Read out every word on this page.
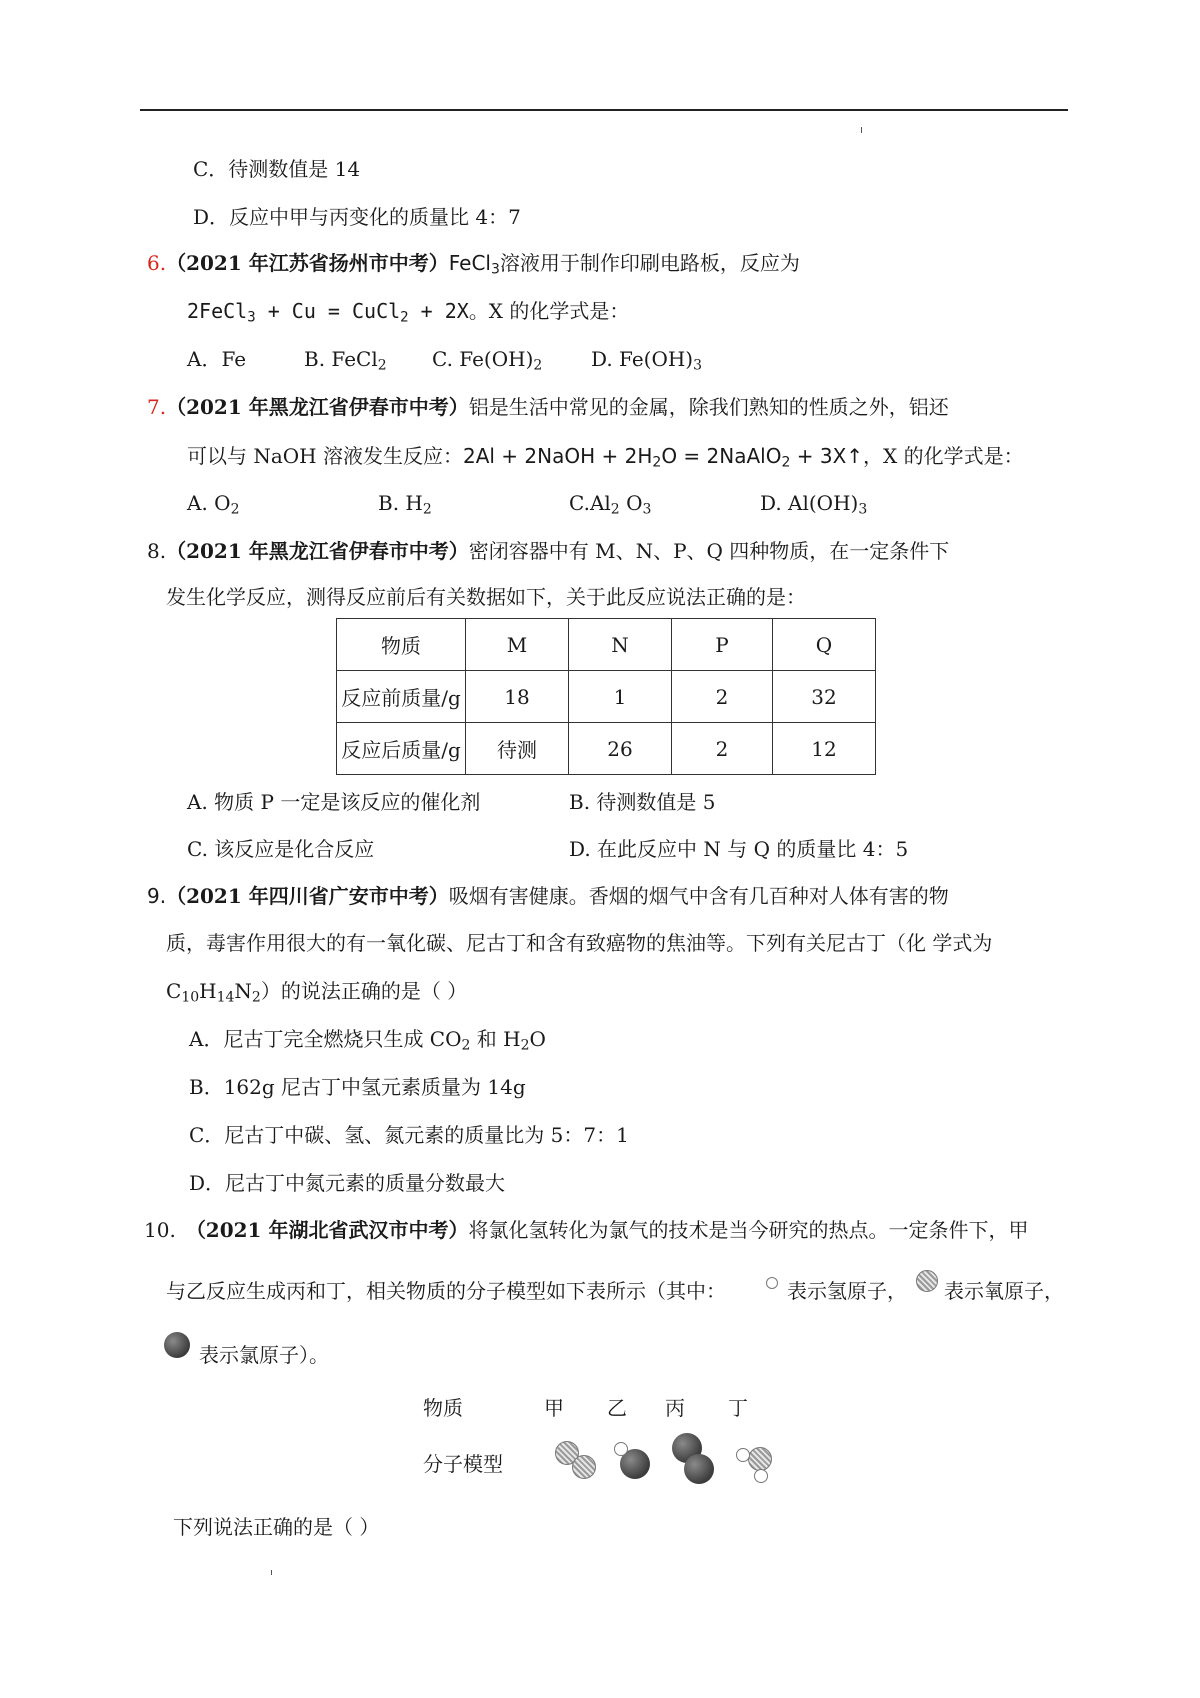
C．待测数值是 14
D．反应中甲与丙变化的质量比 4：7
6.（2021 年江苏省扬州市中考）FeCl$_3$溶液用于制作印刷电路板，反应为
2FeCl$_3$ + Cu = CuCl$_2$ + 2X。X 的化学式是：
A．Fe	B. FeCl$_2$ C. $Fe(OH)_2$ D. $Fe(OH)_3$
7.（2021 年黑龙江省伊春市中考）铝是生活中常见的金属，除我们熟知的性质之外，铝还
可以与 NaOH 溶液发生反应：2Al + 2NaOH + $2H_2O$ = 2NaAlO$_2$ + 3X↑，X 的化学式是：
A. $O_2$	B. $H_2$	$C.Al_2$ $O_3$	D. $Al(OH)_3$
8.（2021 年黑龙江省伊春市中考）密闭容器中有 M、N、P、Q 四种物质，在一定条件下
发生化学反应，测得反应前后有关数据如下，关于此反应说法正确的是：
物质	M	N	P	Q
反应前质量/g	18	1	2	32
反应后质量/g	待测	26	2	12
A. 物质 P 一定是该反应的催化剂	B. 待测数值是 5
C. 该反应是化合反应	D. 在此反应中 N 与 Q 的质量比 4：5
9.（2021 年四川省广安市中考）吸烟有害健康。香烟的烟气中含有几百种对人体有害的物
质，毒害作用很大的有一氧化碳、尼古丁和含有致癌物的焦油等。下列有关尼古丁（化 学式为
$C_{10}H_{14}N_2$）的说法正确的是（ ）
A．尼古丁完全燃烧只生成 $CO_2$ 和 $H_2O$
B．162g 尼古丁中氢元素质量为 14g
C．尼古丁中碳、氢、氮元素的质量比为 5：7：1
D．尼古丁中氮元素的质量分数最大
10. （2021 年湖北省武汉市中考）将氯化氢转化为氯气的技术是当今研究的热点。一定条件下，甲
与乙反应生成丙和丁，相关物质的分子模型如下表所示（其中：	表示氢原子， 表示氧原子，
表示氯原子）。
物质	甲 乙 丙 丁
分子模型
下列说法正确的是（ ）
